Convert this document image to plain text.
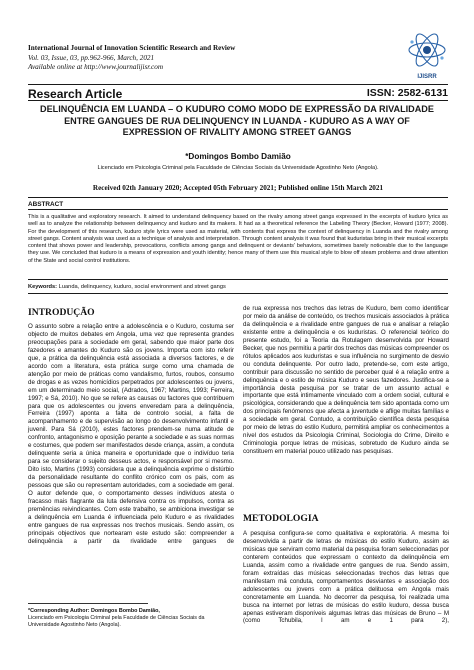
International Journal of Innovation Scientific Research and Review
Vol. 03, Issue, 03, pp.962-966, March, 2021
Available online at http://www.journalijisr.com
IJISRR
Research Article	ISSN: 2582-6131
DELINQUÊNCIA EM LUANDA – O KUDURO COMO MODO DE EXPRESSÃO DA RIVALIDADE ENTRE GANGUES DE RUA DELINQUENCY IN LUANDA - KUDURO AS A WAY OF EXPRESSION OF RIVALITY AMONG STREET GANGS
*Domingos Bombo Damião
Licenciado em Psicologia Criminal pela Faculdade de Ciências Sociais da Universidade Agostinho Neto (Angola).
Received 02th January 2020; Accepted 05th February 2021; Published online 15th March 2021
ABSTRACT
This is a qualitative and exploratory research. It aimed to understand delinquency based on the rivalry among street gangs expressed in the excerpts of kuduro lyrics as well as to analyze the relationship between delinquency and kuduro and its makers. It had as a theoretical reference the Labeling Theory (Becker, Howard (1977; 2008). For the development of this research, kuduro style lyrics were used as material, with contents that express the context of delinquency in Luanda and the rivalry among street gangs. Content analysis was used as a technique of analysis and interpretation. Through content analysis it was found that kuduristas bring in their musical excerpts content that shows power and leadership, provocations, conflicts among gangs and delinquent or deviants' behaviors, sometimes barely noticeable due to the language they use. We concluded that kuduro is a means of expression and youth identity; hence many of them use this musical style to blow off steam problems and draw attention of the State and social control institutions.
Keywords: Luanda, delinquency, kuduro, social environment and street gangs
INTRODUÇÃO

O assunto sobre a relação entre a adolescência e o Kuduro, costuma ser objecto de muitos debates em Angola, uma vez que representa grandes preocupações para a sociedade em geral, sabendo que maior parte dos fazedores e amantes do Kuduro são os jovens. Importa com isto referir que, a prática da delinquência está associada a diversos factores, e de acordo com a literatura, esta prática surge como uma chamada de atenção por meio de práticas como vandalismo, furtos, roubos, consumo de drogas e as vezes homicídios perpetrados por adolescentes ou jovens, em um determinado meio social, (Adrados, 1967; Martins, 1993; Ferreira, 1997; e Sá, 2010). No que se refere as causas ou factores que contribuem para que os adolescentes ou jovens enveredam para a delinquência, Ferreira (1997) aponta a falta de controlo social, a falta de acompanhamento e de supervisão ao longo do desenvolvimento infantil e juvenil. Para Sá (2010), estes factores prendem-se numa atitude de confronto, antagonismo e oposição perante a sociedade e as suas normas e costumes, que podem ser manifestados desde criança, assim, a conduta delinquente seria a única maneira e oportunidade que o indivíduo teria para se considerar o sujeito desseus actos, e responsável por si mesmo. Dito isto, Martins (1993) considera que a delinquência exprime o distúrbio da personalidade resultante do conflito crónico com os pais, com as pessoas que são ou representam autoridades, com a sociedade em geral. O autor defende que, o comportamento desses indivíduos atesta o fracasso mais flagrante da luta defensiva contra os impulsos, contra as premências reivindicantes. Com este trabalho, se ambiciona investigar se a delinquência em Luanda é influenciada pelo Kuduro e as rivalidades entre gangues de rua expressas nos trechos musicais. Sendo assim, os principais objectivos que nortearam este estudo são: compreender a delinquência a partir da rivalidade entre gangues de

de rua expressa nos trechos das letras de Kuduro, bem como identificar por meio da análise de conteúdo, os trechos musicais associados à prática da delinquência e a rivalidade entre gangues de rua e analisar a relação existente entre a delinquência e os kuduristas. O referencial teórico do presente estudo, foi a Teoria da Rotulagem desenvolvida por Howard Becker, que nos permitiu a partir dos trechos das músicas compreender os rótulos aplicados aos kuduristas e sua influência no surgimento de desvio ou conduta delinquente. Por outro lado, pretende-se, com este artigo, contribuir para discussão no sentido de perceber qual é a relação entre a delinquência e o estilo de música Kuduro e seus fazedores. Justifica-se a importância desta pesquisa por se tratar de um assunto actual e importante que está intimamente vinculado com a ordem social, cultural e psicológica, considerando que a delinquência tem sido apontada como um dos principais fenómenos que afecta a juventude e aflige muitas famílias e a sociedade em geral. Contudo, a contribuição científica desta pesquisa por meio de letras do estilo Kuduro, permitirá ampliar os conhecimentos a nível dos estudos da Psicologia Criminal, Sociologia do Crime, Direito e Criminologia porque letras de músicas, sobretudo de Kuduro ainda se constituem em material pouco utilizado nas pesquisas.

METODOLOGIA

A pesquisa configura-se como qualitativa e exploratória. A mesma foi desenvolvida a partir de letras de músicas do estilo Kuduro, assim as músicas que serviram como material da pesquisa foram seleccionadas por conterem conteúdos que expressam o contexto da delinquência em Luanda, assim como a rivalidade entre gangues de rua. Sendo assim, foram extraídas das músicas seleccionadas trechos das letras que manifestam má conduta, comportamentos desviantes e associação dos adolescentes ou jovens com a prática delituosa em Angola mais concretamente em Luanda. No decorrer da pesquisa, foi realizada uma busca na internet por letras de músicas do estilo kuduro, dessa busca apenas estiveram disponíveis algumas letras das músicas de Bruno – M (como Tchubila, I am e 1 para 2),

*Corresponding Author: Domingos Bombo Damião,
Licenciado em Psicologia Criminal pela Faculdade de Ciências Sociais da Universidade Agostinho Neto (Angola).
